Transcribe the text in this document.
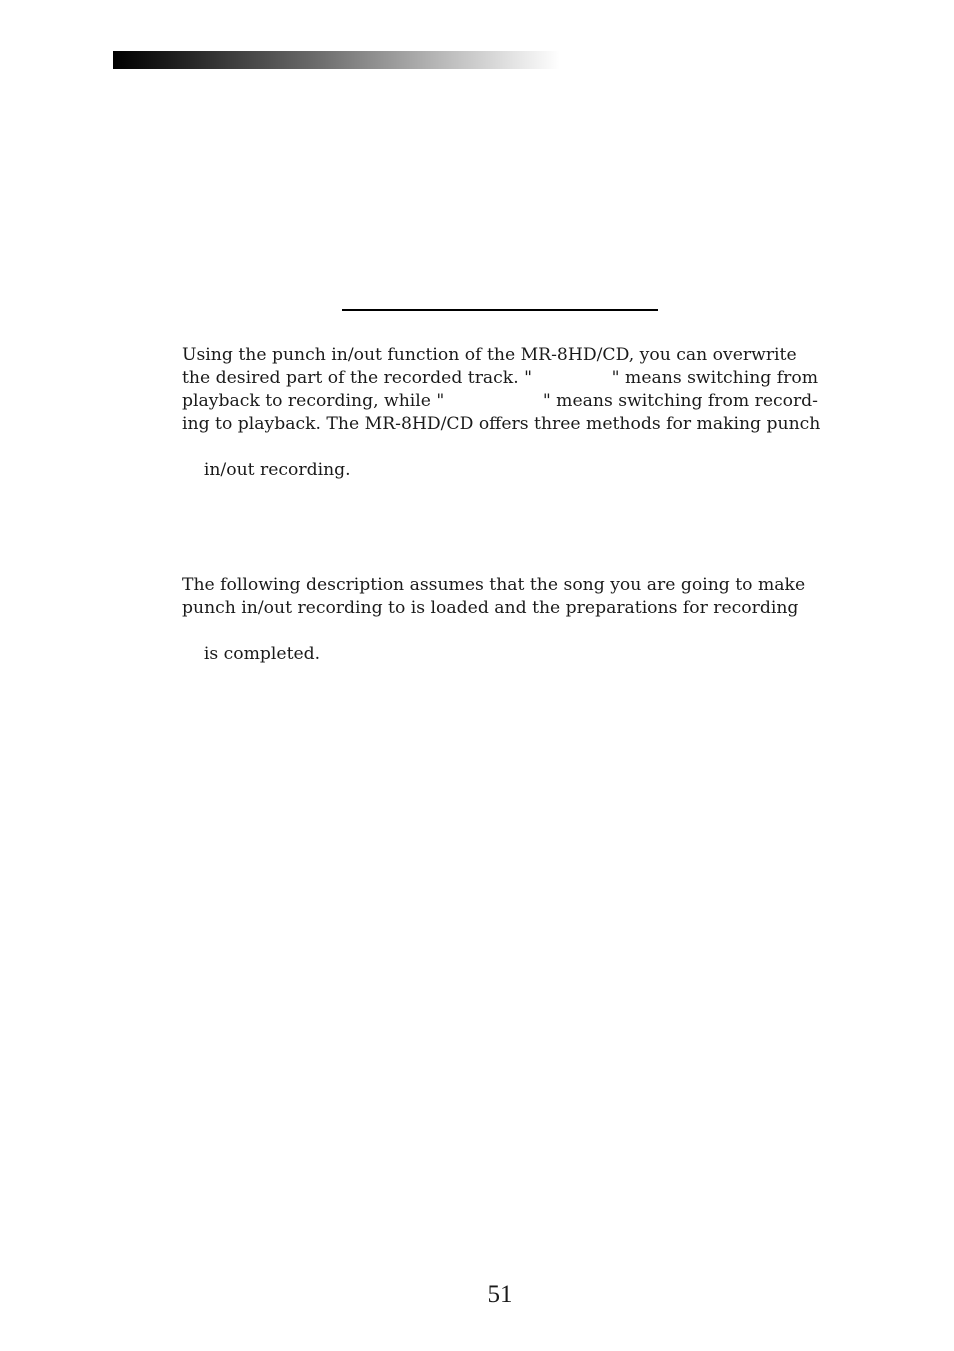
Using the punch in/out function of the MR-8HD/CD, you can overwrite
the desired part of the recorded track. "	" means switching from
playback to recording, while "	" means switching from record-
ing to playback. The MR-8HD/CD offers three methods for making punch

in/out recording.

The following description assumes that the song you are going to make
punch in/out recording to is loaded and the preparations for recording

is completed.

51
